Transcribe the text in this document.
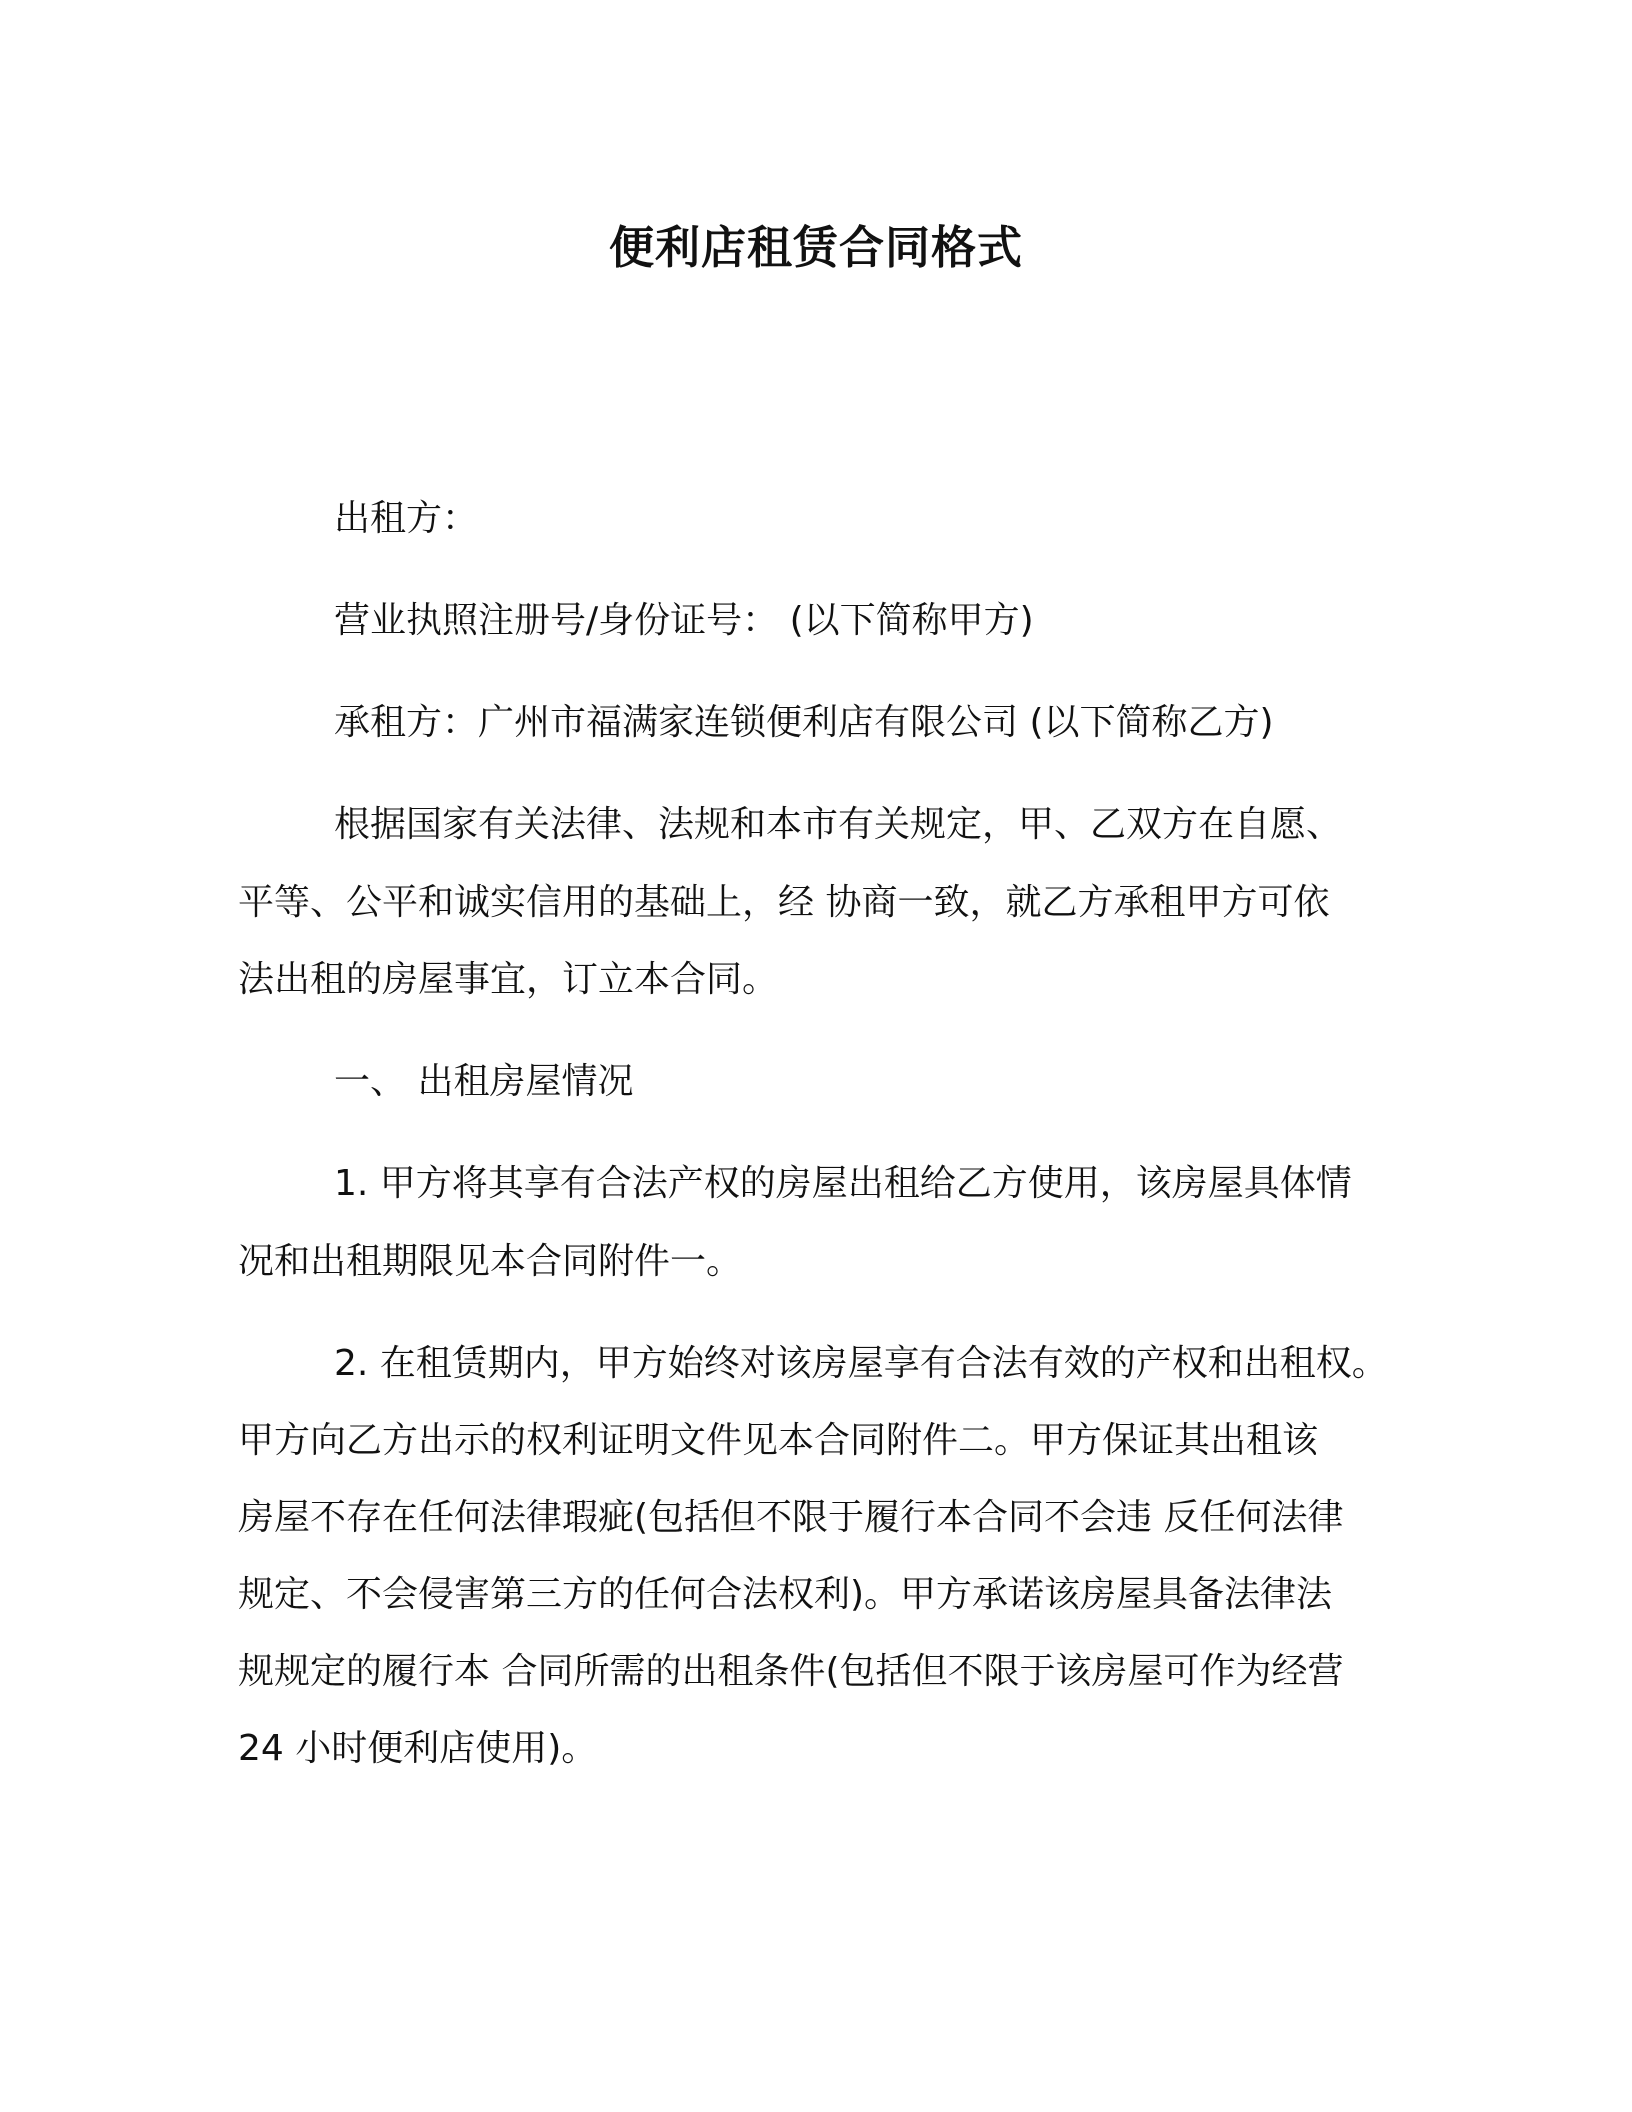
便利店租赁合同格式
出租方：
营业执照注册号/身份证号： (以下简称甲方)
承租方：广州市福满家连锁便利店有限公司 (以下简称乙方)
根据国家有关法律、法规和本市有关规定，甲、乙双方在自愿、
平等、公平和诚实信用的基础上，经 协商一致，就乙方承租甲方可依
法出租的房屋事宜，订立本合同。
一、 出租房屋情况
1. 甲方将其享有合法产权的房屋出租给乙方使用，该房屋具体情
况和出租期限见本合同附件一。
2. 在租赁期内，甲方始终对该房屋享有合法有效的产权和出租权。
甲方向乙方出示的权利证明文件见本合同附件二。甲方保证其出租该
房屋不存在任何法律瑕疵(包括但不限于履行本合同不会违 反任何法律
规定、不会侵害第三方的任何合法权利)。甲方承诺该房屋具备法律法
规规定的履行本 合同所需的出租条件(包括但不限于该房屋可作为经营
24 小时便利店使用)。
